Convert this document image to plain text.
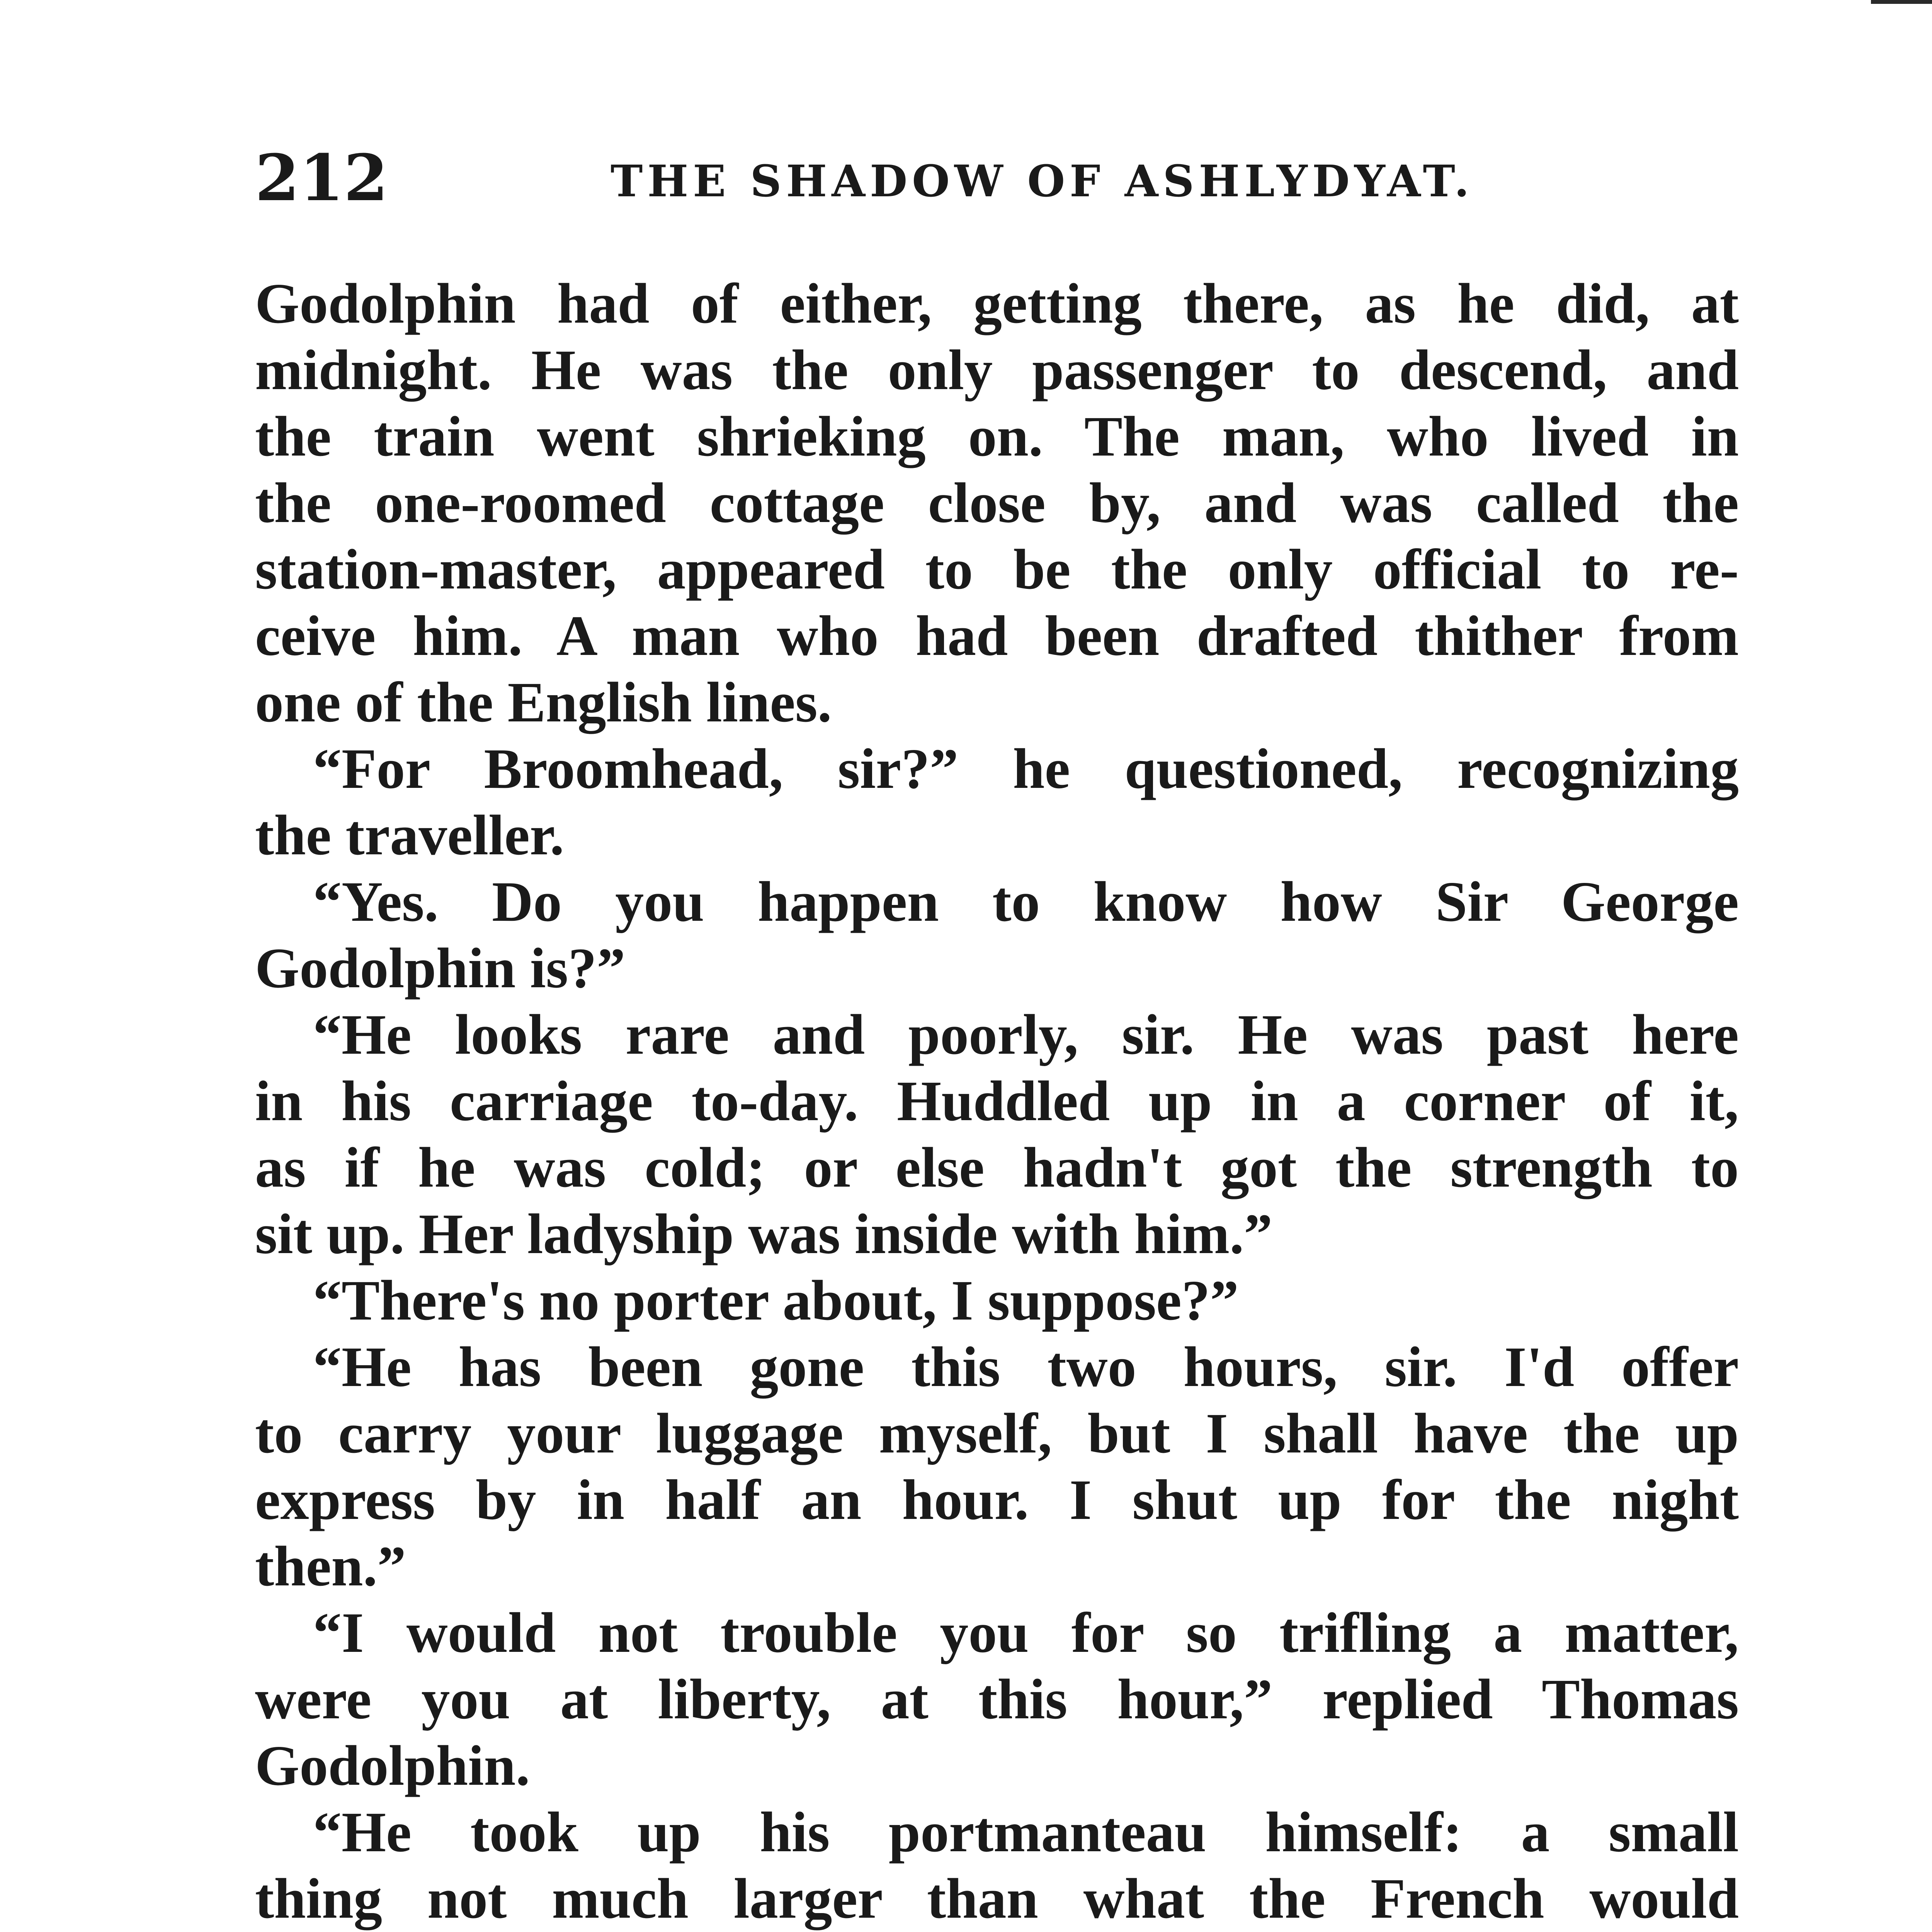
212	THE SHADOW OF ASHLYDYAT.
Godolphin had of either, getting there, as he did, at
midnight. He was the only passenger to descend, and
the train went shrieking on. The man, who lived in
the one-roomed cottage close by, and was called the
station-master, appeared to be the only official to re-
ceive him. A man who had been drafted thither from
one of the English lines.
“For Broomhead, sir?” he questioned, recognizing
the traveller.
“Yes. Do you happen to know how Sir George
Godolphin is?”
“He looks rare and poorly, sir. He was past here
in his carriage to-day. Huddled up in a corner of it,
as if he was cold; or else hadn't got the strength to
sit up. Her ladyship was inside with him.”
“There's no porter about, I suppose?”
“He has been gone this two hours, sir. I'd offer
to carry your luggage myself, but I shall have the up
express by in half an hour. I shut up for the night
then.”
“I would not trouble you for so trifling a matter,
were you at liberty, at this hour,” replied Thomas
Godolphin.
“He took up his portmanteau himself: a small
thing not much larger than what the French would
